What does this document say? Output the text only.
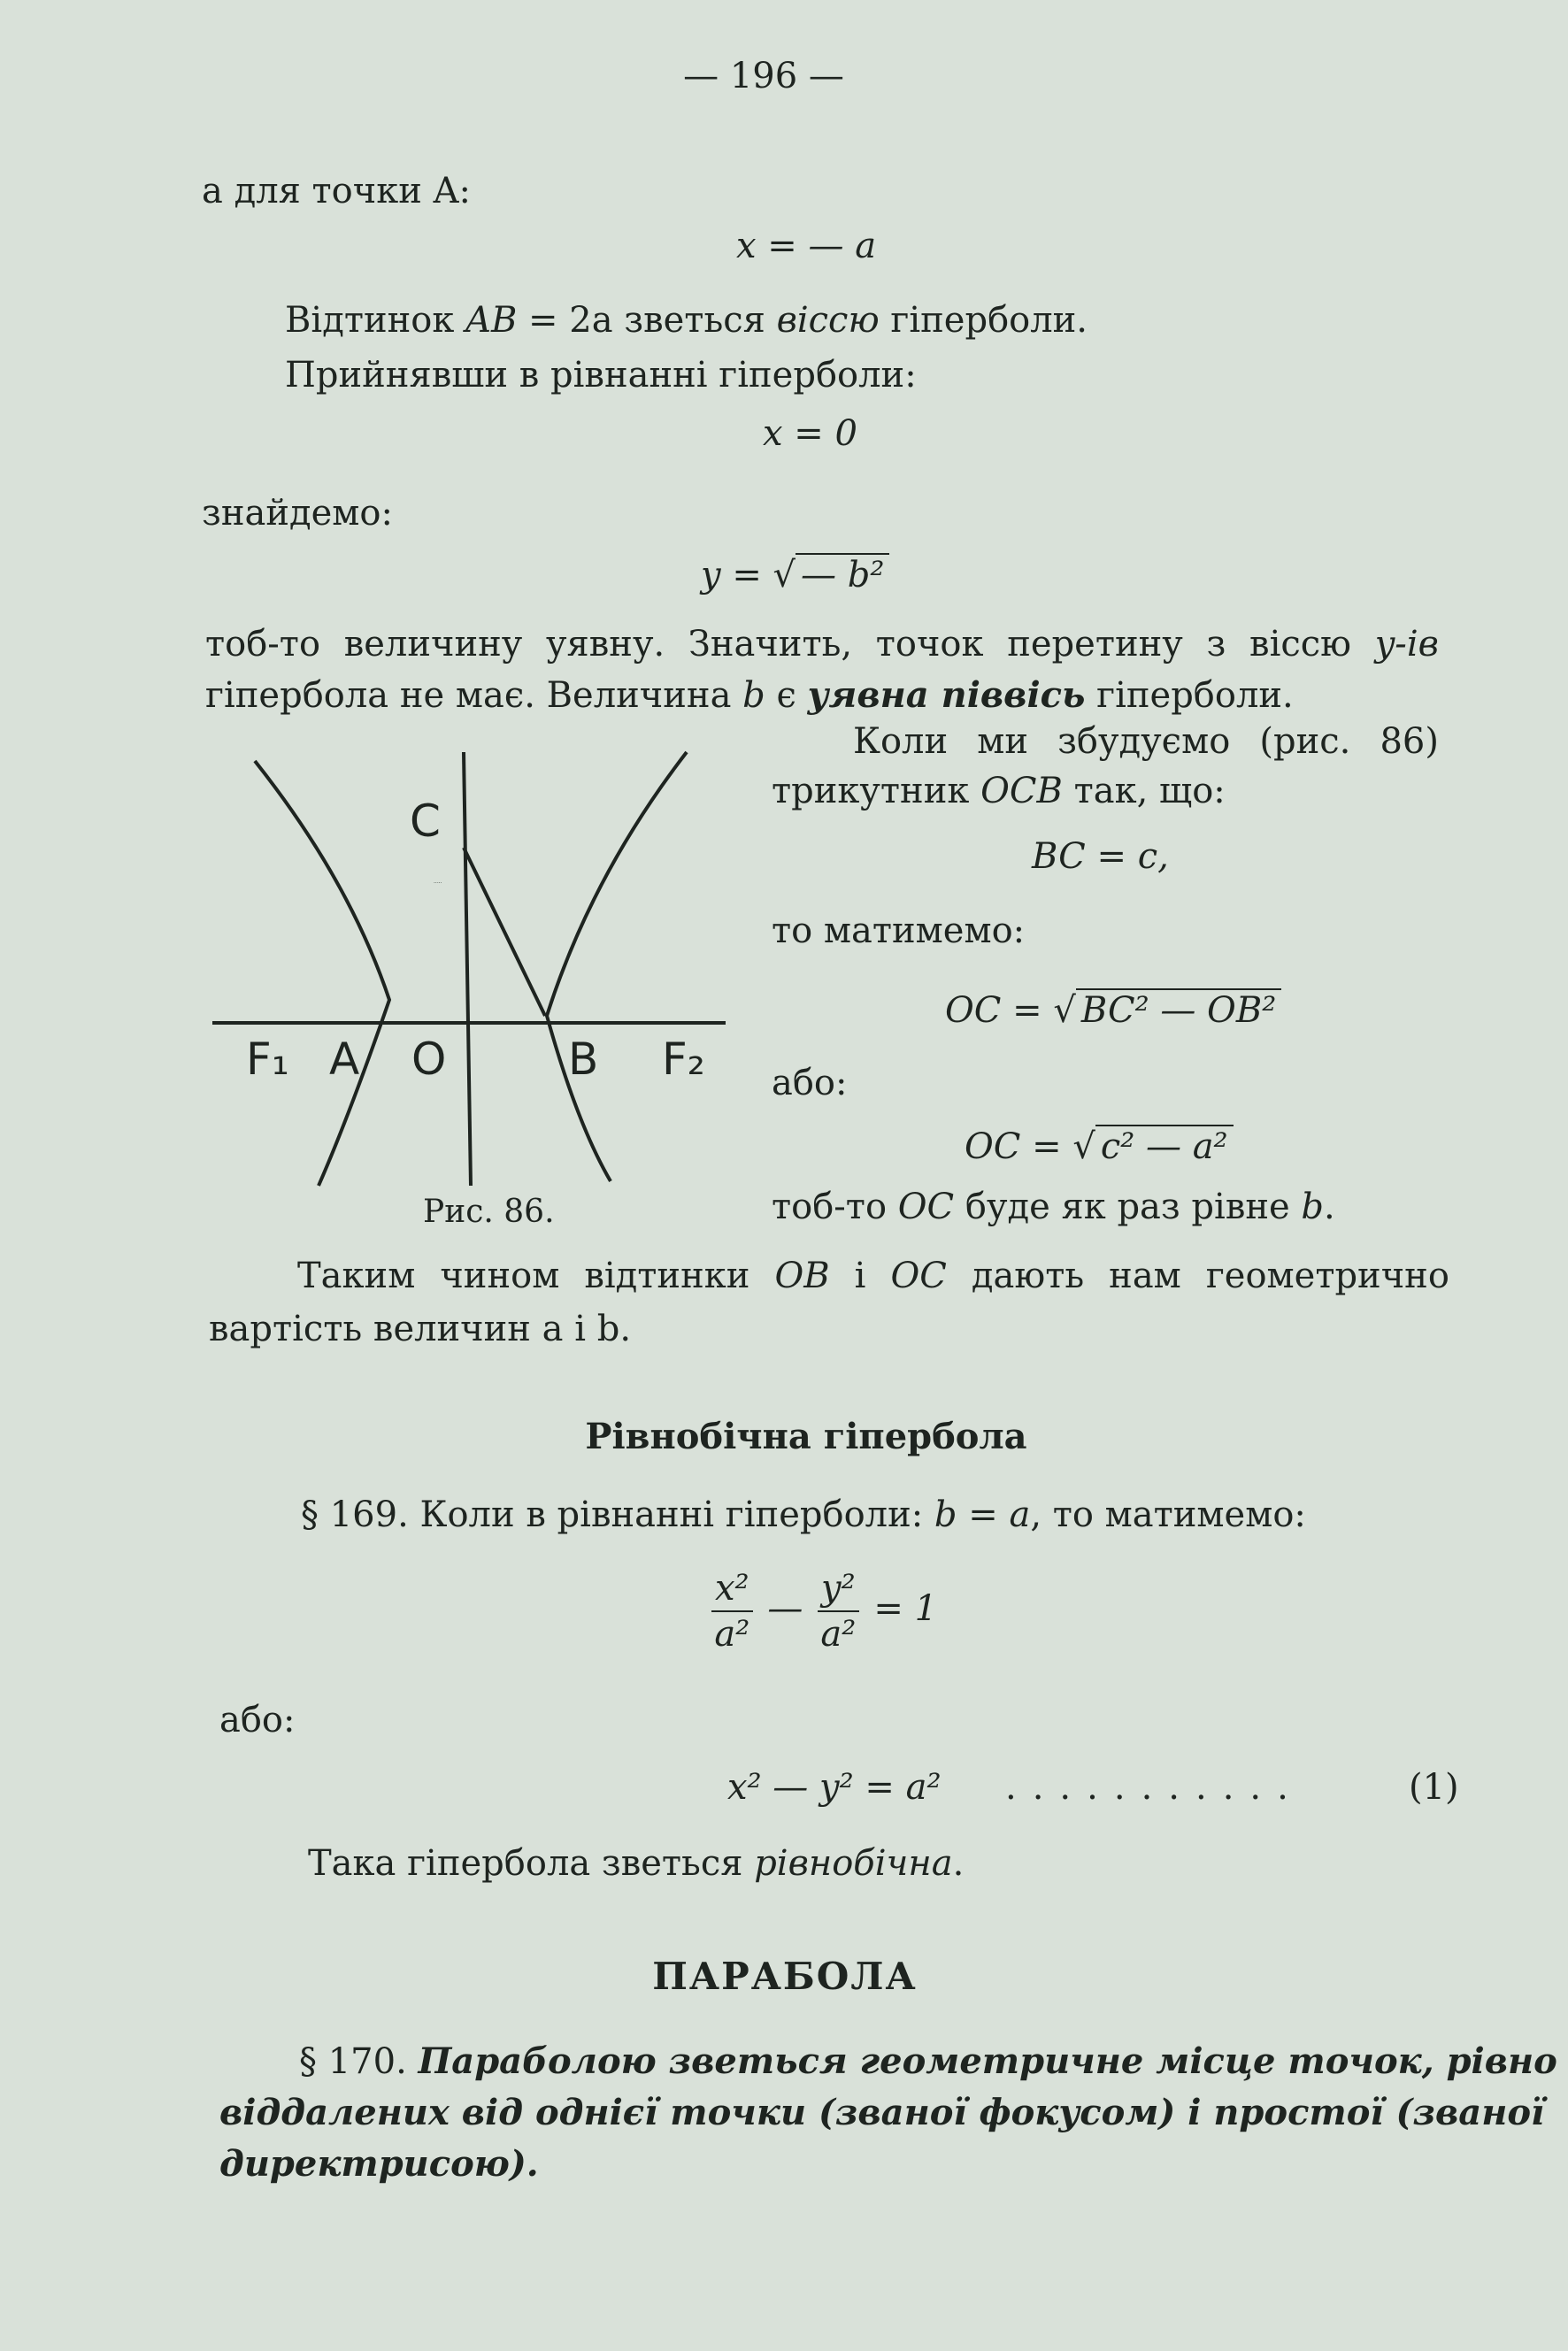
— 196 —
а для точки A:
x = — a
Відтинок AB = 2a зветься віссю гіперболи.
Прийнявши в рівнанні гіперболи:
x = 0
знайдемо:
y = √ — b²
тоб-то величину уявну. Значить, точок перетину з віссю y-ів
гіпербола не має. Величина b є уявна піввісь гіперболи.
.....
C
F₁ A O	B F₂
Рис. 86.
Коли ми збудуємо (рис. 86)
трикутник OCB так, що:
BC = c,
то матимемо:
OC = √ BC² — OB²
або:
OC = √ c² — a²
тоб-то OC буде як раз рівне b.
Таким чином відтинки OB і OC дають нам геометрично
вартість величин a і b.
Рівнобічна гіпербола
§ 169. Коли в рівнанні гіперболи: b = a, то матимемо:
$\frac{\text{x²}}{\text{a²}}$ — $\frac{\text{y²}}{\text{a²}} = 1$
або:
x² — y² = a² ...........	(1)
Така гіпербола зветься рівнобічна.
ПАРАБОЛА
§ 170. Параболою зветься геометричне місце точок, рівно
віддалених від однієї точки (званої фокусом) і простої (званої
директрисою).
